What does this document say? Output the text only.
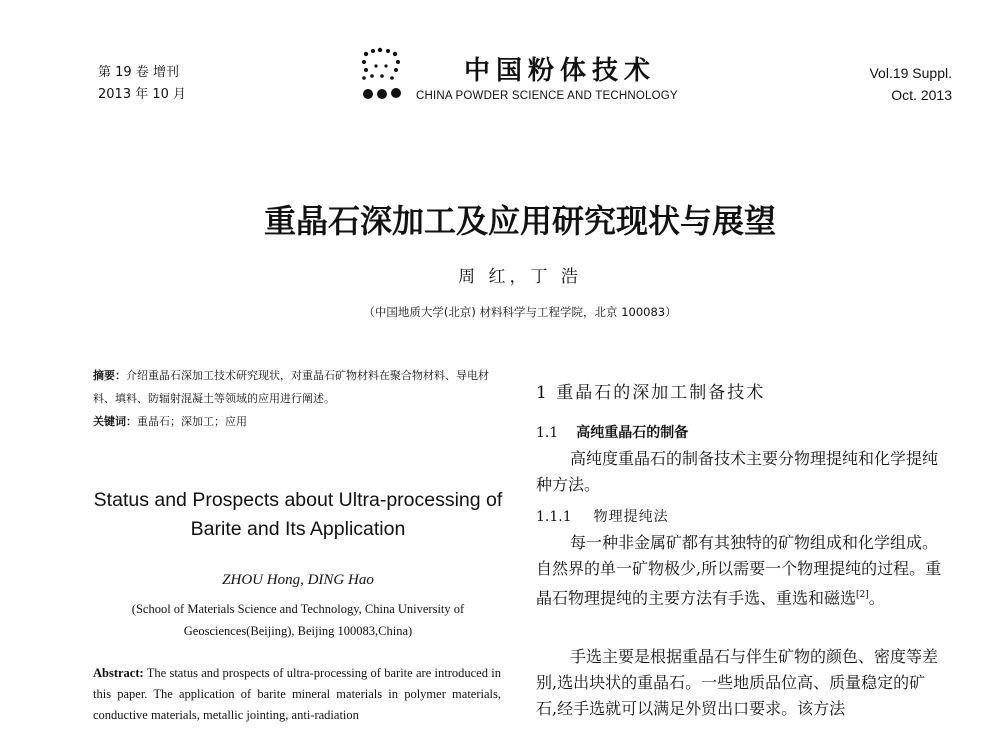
第 19 卷 增刊
2013 年 10 月
中国粉体技术
CHINA POWDER SCIENCE AND TECHNOLOGY
Vol.19 Suppl.
Oct. 2013
重晶石深加工及应用研究现状与展望
周 红，丁 浩
（中国地质大学(北京) 材料科学与工程学院，北京 100083）
摘要：介绍重晶石深加工技术研究现状，对重晶石矿物材料在聚合物材料、导电材料、填料、防辐射混凝土等领域的应用进行阐述。
关键词：重晶石；深加工；应用
Status and Prospects about Ultra-processing of Barite and Its Application
ZHOU Hong, DING Hao
(School of Materials Science and Technology, China University of Geosciences(Beijing), Beijing 100083,China)
Abstract: The status and prospects of ultra-processing of barite are introduced in this paper. The application of barite mineral materials in polymer materials, conductive materials, metallic jointing, anti-radiation
1 重晶石的深加工制备技术
1.1 高纯重晶石的制备
高纯度重晶石的制备技术主要分物理提纯和化学提纯种方法。
1.1.1 物理提纯法
每一种非金属矿都有其独特的矿物组成和化学组成。自然界的单一矿物极少,所以需要一个物理提纯的过程。重晶石物理提纯的主要方法有手选、重选和磁选[2]。
手选主要是根据重晶石与伴生矿物的颜色、密度等差别,选出块状的重晶石。一些地质品位高、质量稳定的矿石,经手选就可以满足外贸出口要求。该方法
